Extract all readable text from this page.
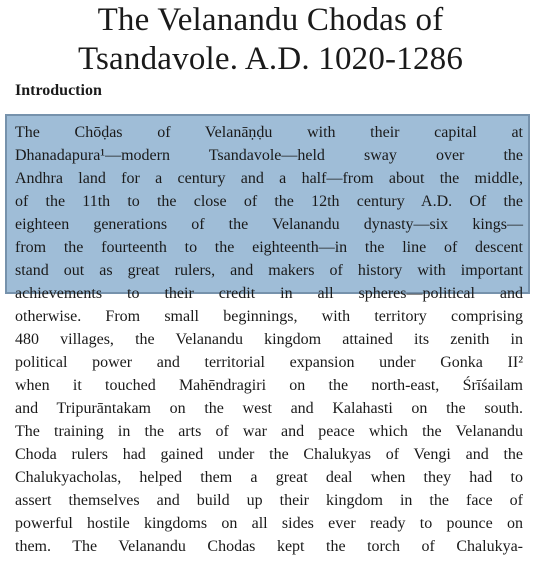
The Velanandu Chodas of
Tsandavole. A.D. 1020-1286
Introduction
The Chōḍas of Velanāṇḍu with their capital at
Dhanadapura¹—modern Tsandavole—held sway over the
Andhra land for a century and a half—from about the middle,
of the 11th to the close of the 12th century A.D. Of the
eighteen generations of the Velanandu dynasty—six kings—
from the fourteenth to the eighteenth—in the line of descent
stand out as great rulers, and makers of history with important
achievements to their credit in all spheres—political and
otherwise. From small beginnings, with territory comprising
480 villages, the Velanandu kingdom attained its zenith in
political power and territorial expansion under Gonka II²
when it touched Mahēndragiri on the north-east, Śrīśailam
and Tripurāntakam on the west and Kalahasti on the south.
The training in the arts of war and peace which the Velanandu
Choda rulers had gained under the Chalukyas of Vengi and the
Chalukyacholas, helped them a great deal when they had to
assert themselves and build up their kingdom in the face of
powerful hostile kingdoms on all sides ever ready to pounce on
them. The Velanandu Chodas kept the torch of Chalukya-
